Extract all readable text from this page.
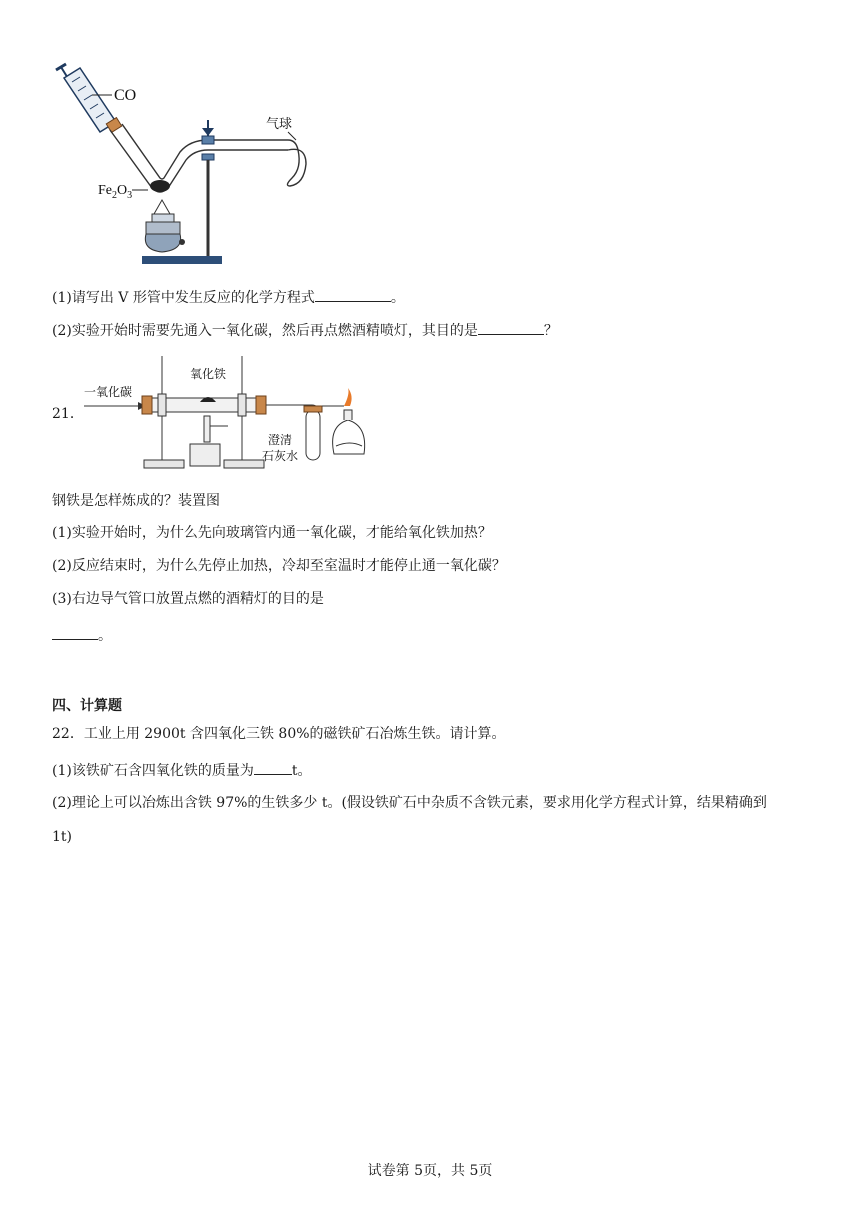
CO
气球
$Fe_2O_3$
(1)请写出 V 形管中发生反应的化学方程式	。
(2)实验开始时需要先通入一氧化碳，然后再点燃酒精喷灯，其目的是	？
21．
一氧化碳
氧化铁
澄清
石灰水
钢铁是怎样炼成的？装置图
(1)实验开始时，为什么先向玻璃管内通一氧化碳，才能给氧化铁加热？
(2)反应结束时，为什么先停止加热，冷却至室温时才能停止通一氧化碳？
(3)右边导气管口放置点燃的酒精灯的目的是
。
四、计算题
22．工业上用 2900t 含四氧化三铁 80%的磁铁矿石冶炼生铁。请计算。
(1)该铁矿石含四氧化铁的质量为	t。
(2)理论上可以冶炼出含铁 97%的生铁多少 t。(假设铁矿石中杂质不含铁元素，要求用化学方程式计算，结果精确到
1t)
试卷第 5页，共 5页
